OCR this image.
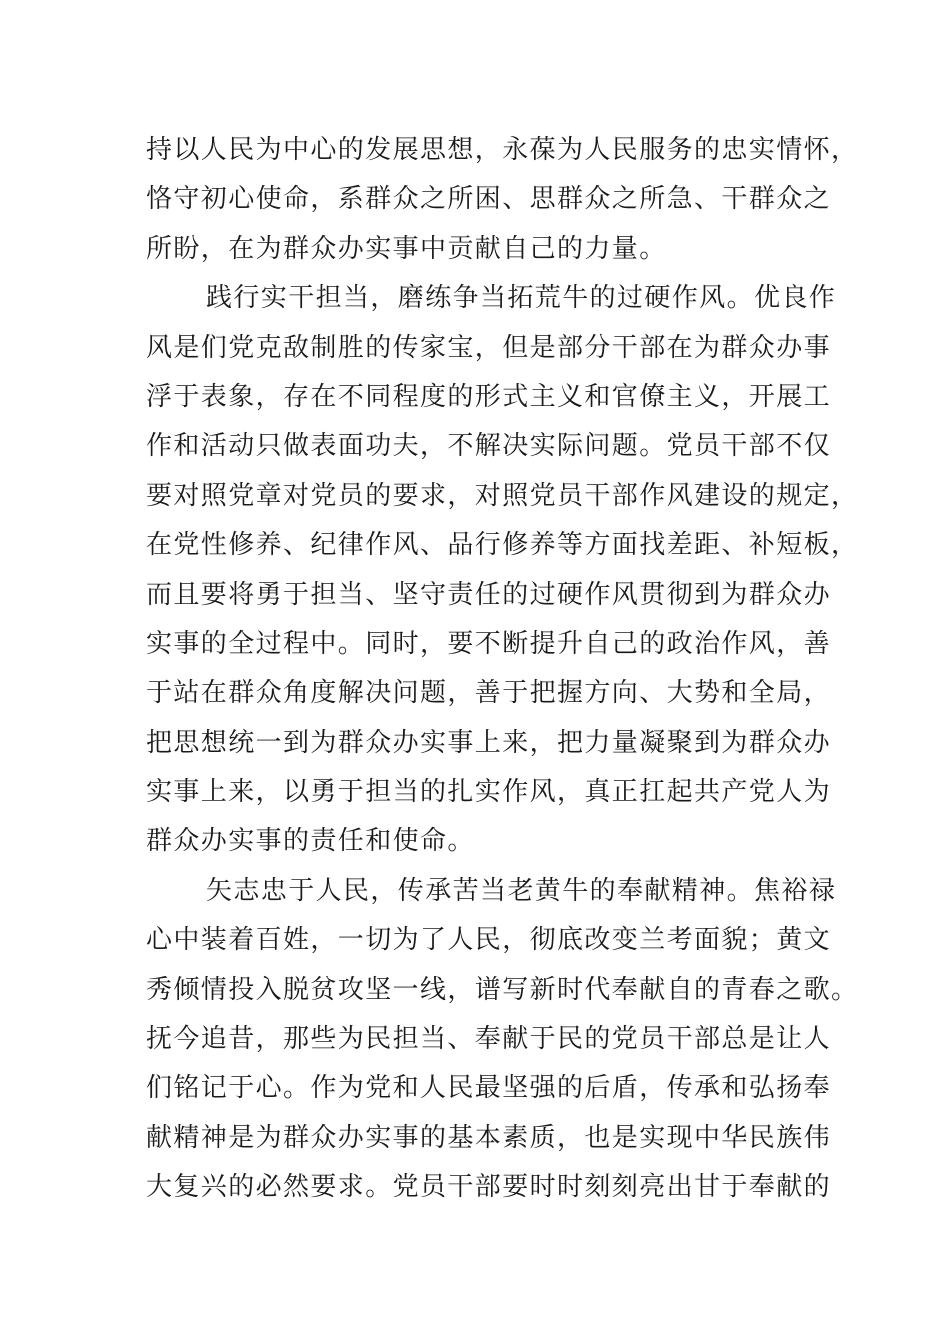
持以人民为中心的发展思想，永葆为人民服务的忠实情怀，
恪守初心使命，系群众之所困、思群众之所急、干群众之
所盼，在为群众办实事中贡献自己的力量。
践行实干担当，磨练争当拓荒牛的过硬作风。优良作
风是们党克敌制胜的传家宝，但是部分干部在为群众办事
浮于表象，存在不同程度的形式主义和官僚主义，开展工
作和活动只做表面功夫，不解决实际问题。党员干部不仅
要对照党章对党员的要求，对照党员干部作风建设的规定，
在党性修养、纪律作风、品行修养等方面找差距、补短板，
而且要将勇于担当、坚守责任的过硬作风贯彻到为群众办
实事的全过程中。同时，要不断提升自己的政治作风，善
于站在群众角度解决问题，善于把握方向、大势和全局，
把思想统一到为群众办实事上来，把力量凝聚到为群众办
实事上来，以勇于担当的扎实作风，真正扛起共产党人为
群众办实事的责任和使命。
矢志忠于人民，传承苦当老黄牛的奉献精神。焦裕禄
心中装着百姓，一切为了人民，彻底改变兰考面貌；黄文
秀倾情投入脱贫攻坚一线，谱写新时代奉献自的青春之歌。
抚今追昔，那些为民担当、奉献于民的党员干部总是让人
们铭记于心。作为党和人民最坚强的后盾，传承和弘扬奉
献精神是为群众办实事的基本素质，也是实现中华民族伟
大复兴的必然要求。党员干部要时时刻刻亮出甘于奉献的
